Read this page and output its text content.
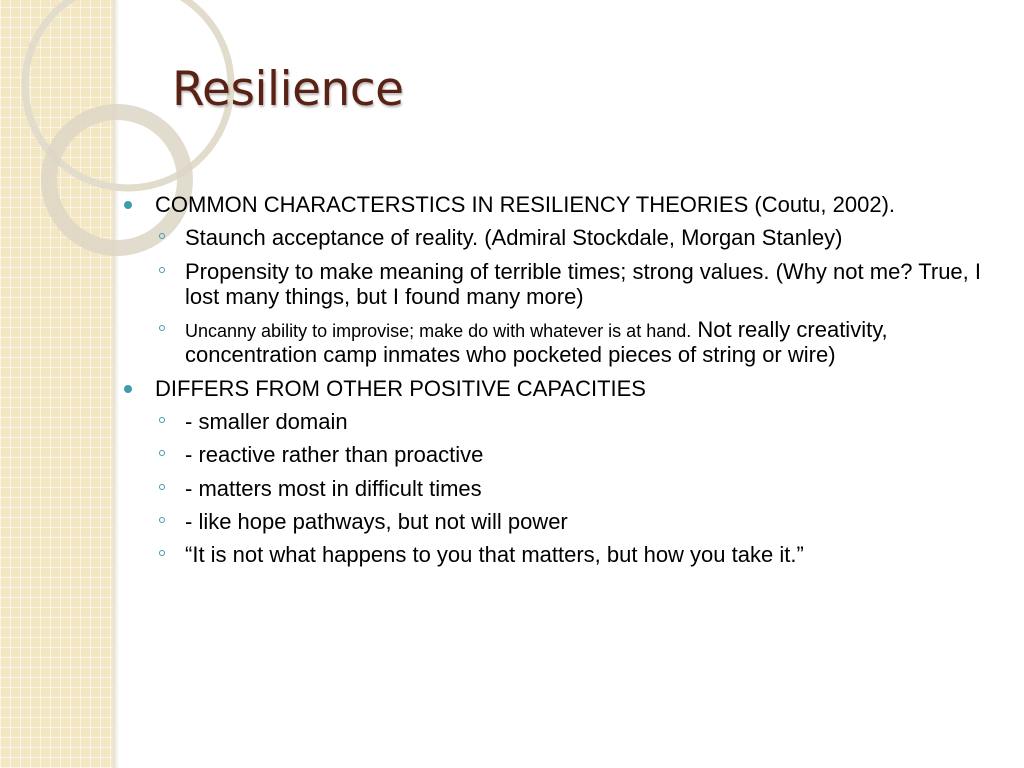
Resilience
COMMON CHARACTERSTICS IN RESILIENCY THEORIES (Coutu, 2002).
Staunch acceptance of reality. (Admiral Stockdale, Morgan Stanley)
Propensity to make meaning of terrible times; strong values. (Why not me? True, I lost many things, but I found many more)
Uncanny ability to improvise; make do with whatever is at hand. Not really creativity, concentration camp inmates who pocketed pieces of string or wire)
DIFFERS FROM OTHER POSITIVE CAPACITIES
- smaller domain
- reactive rather than proactive
- matters most in difficult times
- like hope pathways, but not will power
“It is not what happens to you that matters, but how you take it.”
